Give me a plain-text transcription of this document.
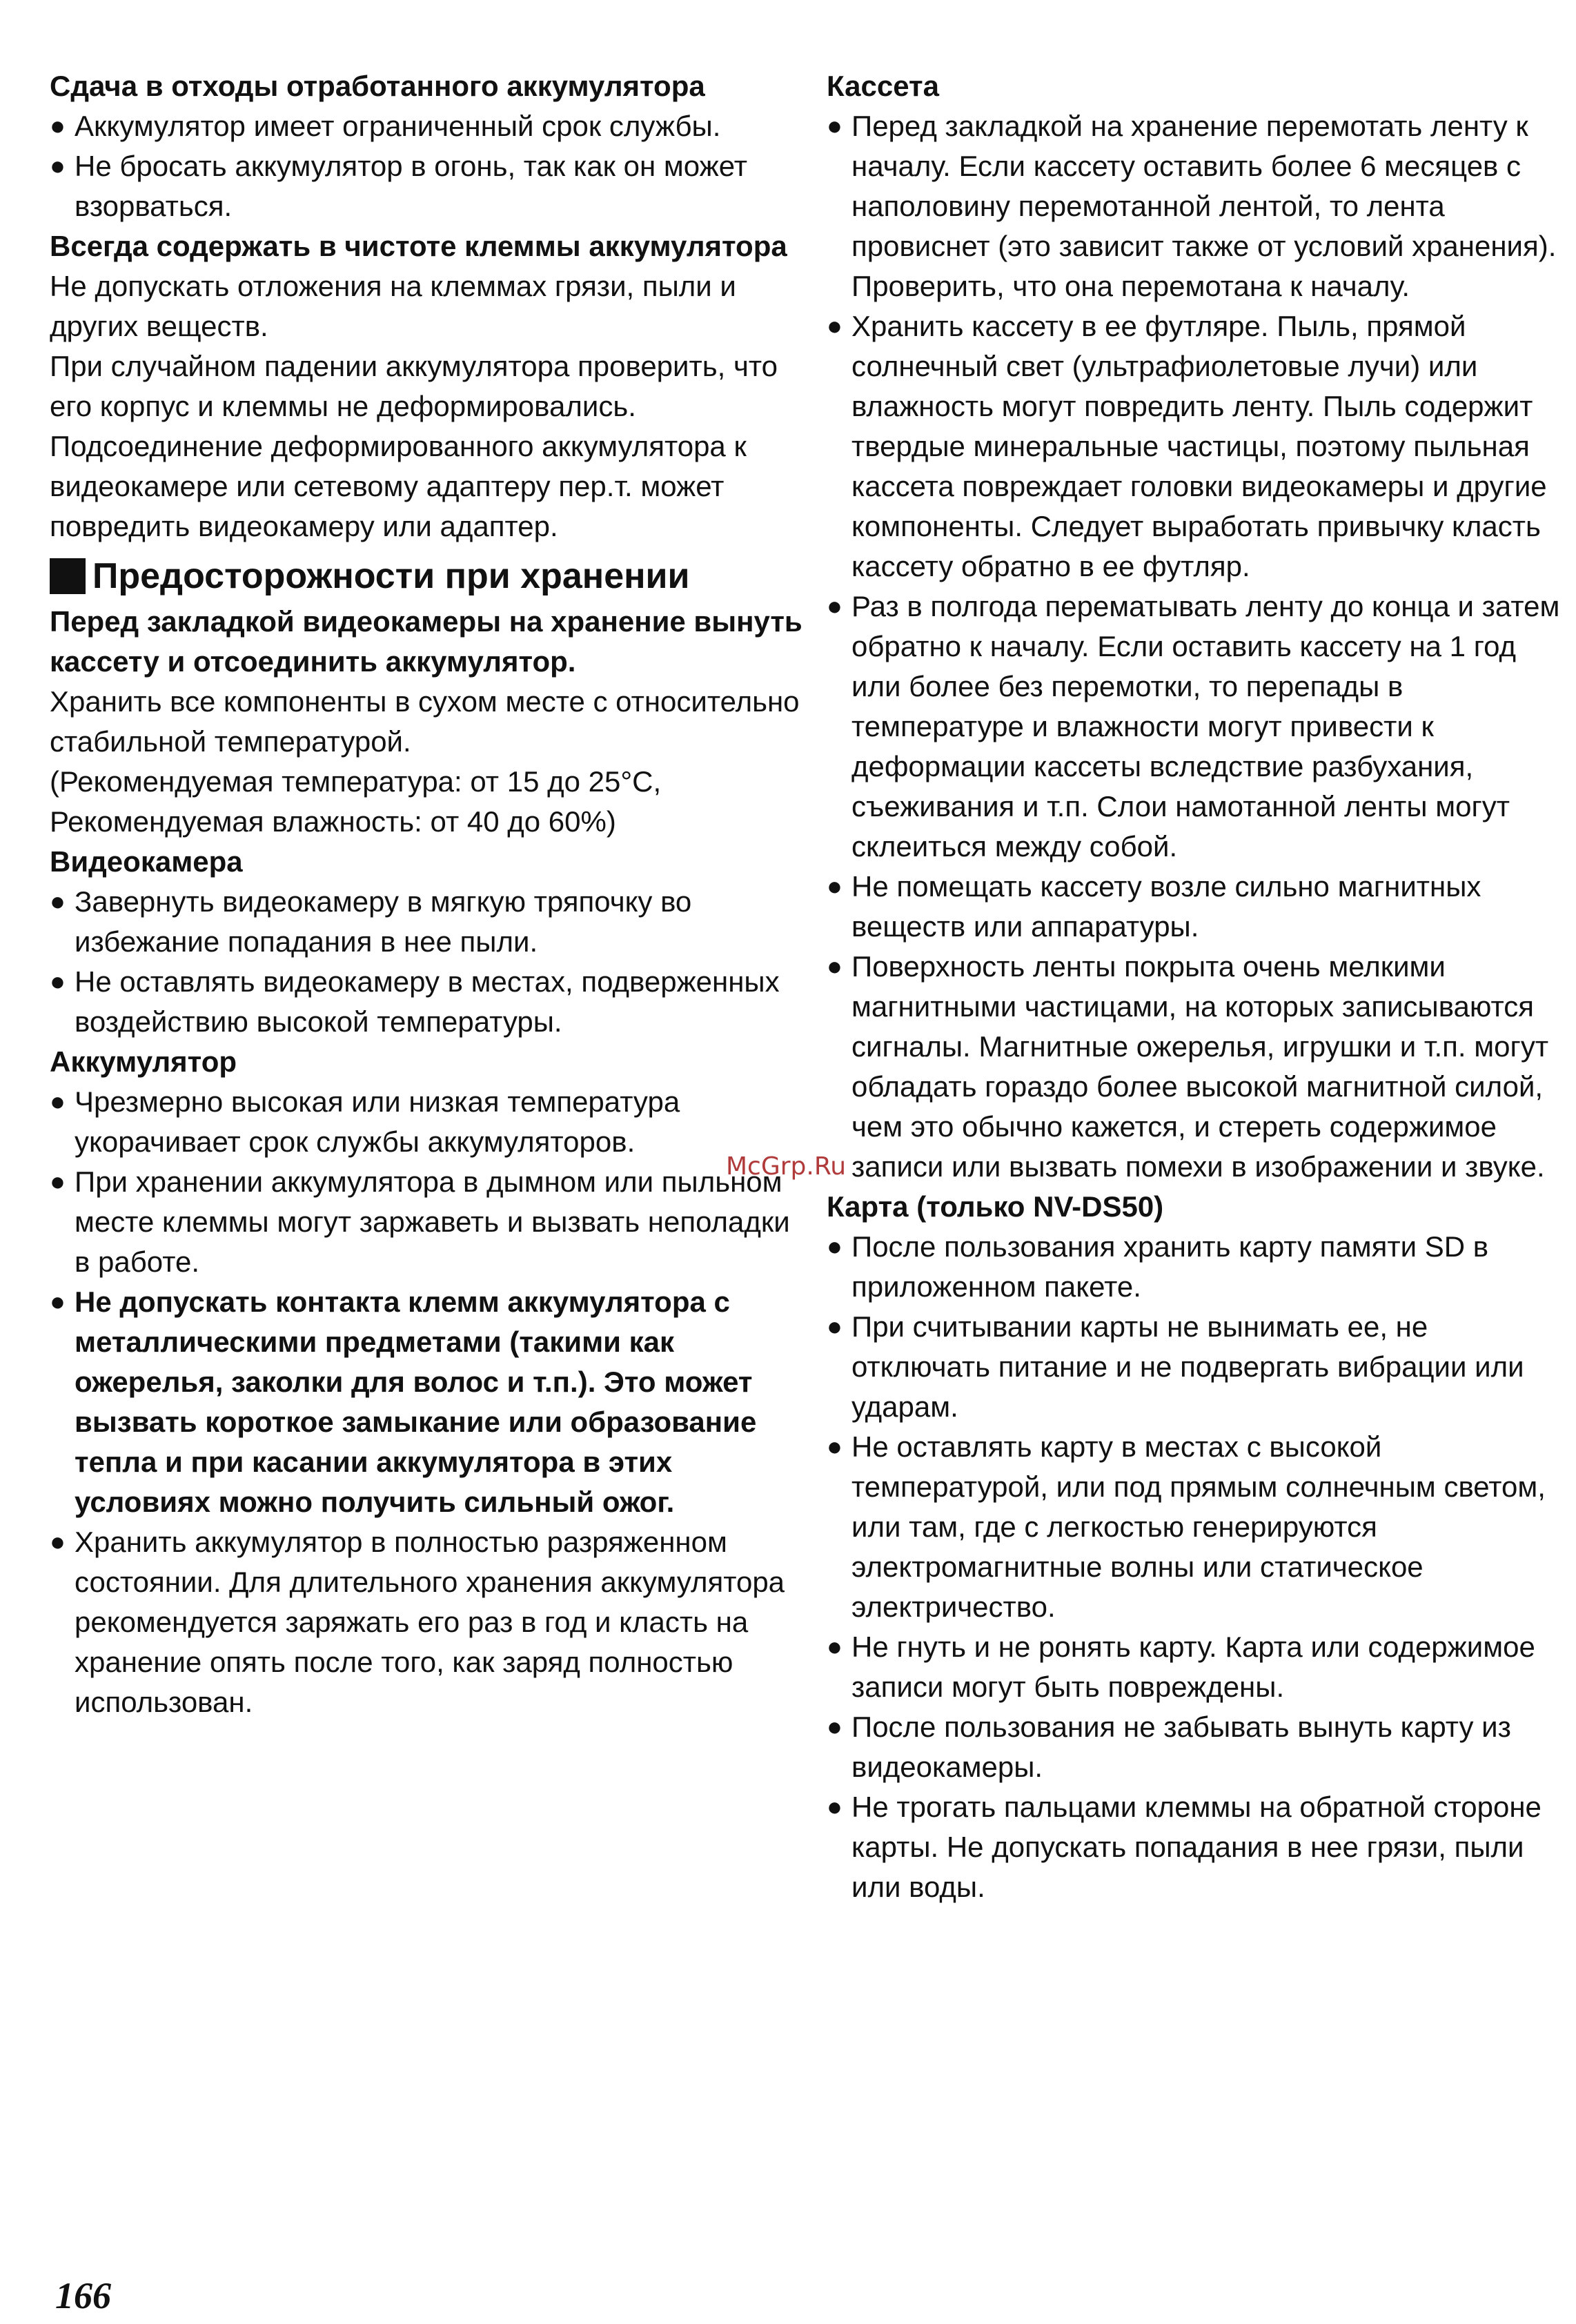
Сдача в отходы отработанного аккумулятора

● Аккумулятор имеет ограниченный срок службы.
● Не бросать аккумулятор в огонь, так как он может взорваться.

Всегда содержать в чистоте клеммы аккумулятора

Не допускать отложения на клеммах грязи, пыли и других веществ.

При случайном падении аккумулятора проверить, что его корпус и клеммы не деформировались.

Подсоединение деформированного аккумулятора к видеокамере или сетевому адаптеру пер.т. может повредить видеокамеру или адаптер.

Предосторожности при хранении

Перед закладкой видеокамеры на хранение вынуть кассету и отсоединить аккумулятор.

Хранить все компоненты в сухом месте с относительно стабильной температурой.

(Рекомендуемая температура: от 15 до 25°C,

Рекомендуемая влажность: от 40 до 60%)

Видеокамера

● Завернуть видеокамеру в мягкую тряпочку во избежание попадания в нее пыли.
● Не оставлять видеокамеру в местах, подверженных воздействию высокой температуры.

Аккумулятор

● Чрезмерно высокая или низкая температура укорачивает срок службы аккумуляторов.
● При хранении аккумулятора в дымном или пыльном месте клеммы могут заржаветь и вызвать неполадки в работе.
● Не допускать контакта клемм аккумулятора с металлическими предметами (такими как ожерелья, заколки для волос и т.п.). Это может вызвать короткое замыкание или образование тепла и при касании аккумулятора в этих условиях можно получить сильный ожог.
● Хранить аккумулятор в полностью разряженном состоянии. Для длительного хранения аккумулятора рекомендуется заряжать его раз в год и класть на хранение опять после того, как заряд полностью использован.

Кассета

● Перед закладкой на хранение перемотать ленту к началу. Если кассету оставить более 6 месяцев с наполовину перемотанной лентой, то лента провиснет (это зависит также от условий хранения). Проверить, что она перемотана к началу.
● Хранить кассету в ее футляре. Пыль, прямой солнечный свет (ультрафиолетовые лучи) или влажность могут повредить ленту. Пыль содержит твердые минеральные частицы, поэтому пыльная кассета повреждает головки видеокамеры и другие компоненты. Следует выработать привычку класть кассету обратно в ее футляр.
● Раз в полгода перематывать ленту до конца и затем обратно к началу. Если оставить кассету на 1 год или более без перемотки, то перепады в температуре и влажности могут привести к деформации кассеты вследствие разбухания, съеживания и т.п. Слои намотанной ленты могут склеиться между собой.
● Не помещать кассету возле сильно магнитных веществ или аппаратуры.
● Поверхность ленты покрыта очень мелкими магнитными частицами, на которых записываются сигналы. Магнитные ожерелья, игрушки и т.п. могут обладать гораздо более высокой магнитной силой, чем это обычно кажется, и стереть содержимое записи или вызвать помехи в изображении и звуке.

Карта (только NV-DS50)

● После пользования хранить карту памяти SD в приложенном пакете.
● При считывании карты не вынимать ее, не отключать питание и не подвергать вибрации или ударам.
● Не оставлять карту в местах с высокой температурой, или под прямым солнечным светом, или там, где с легкостью генерируются электромагнитные волны или статическое электричество.
● Не гнуть и не ронять карту. Карта или содержимое записи могут быть повреждены.
● После пользования не забывать вынуть карту из видеокамеры.
● Не трогать пальцами клеммы на обратной стороне карты. Не допускать попадания в нее грязи, пыли или воды.
McGrp.Ru
166
